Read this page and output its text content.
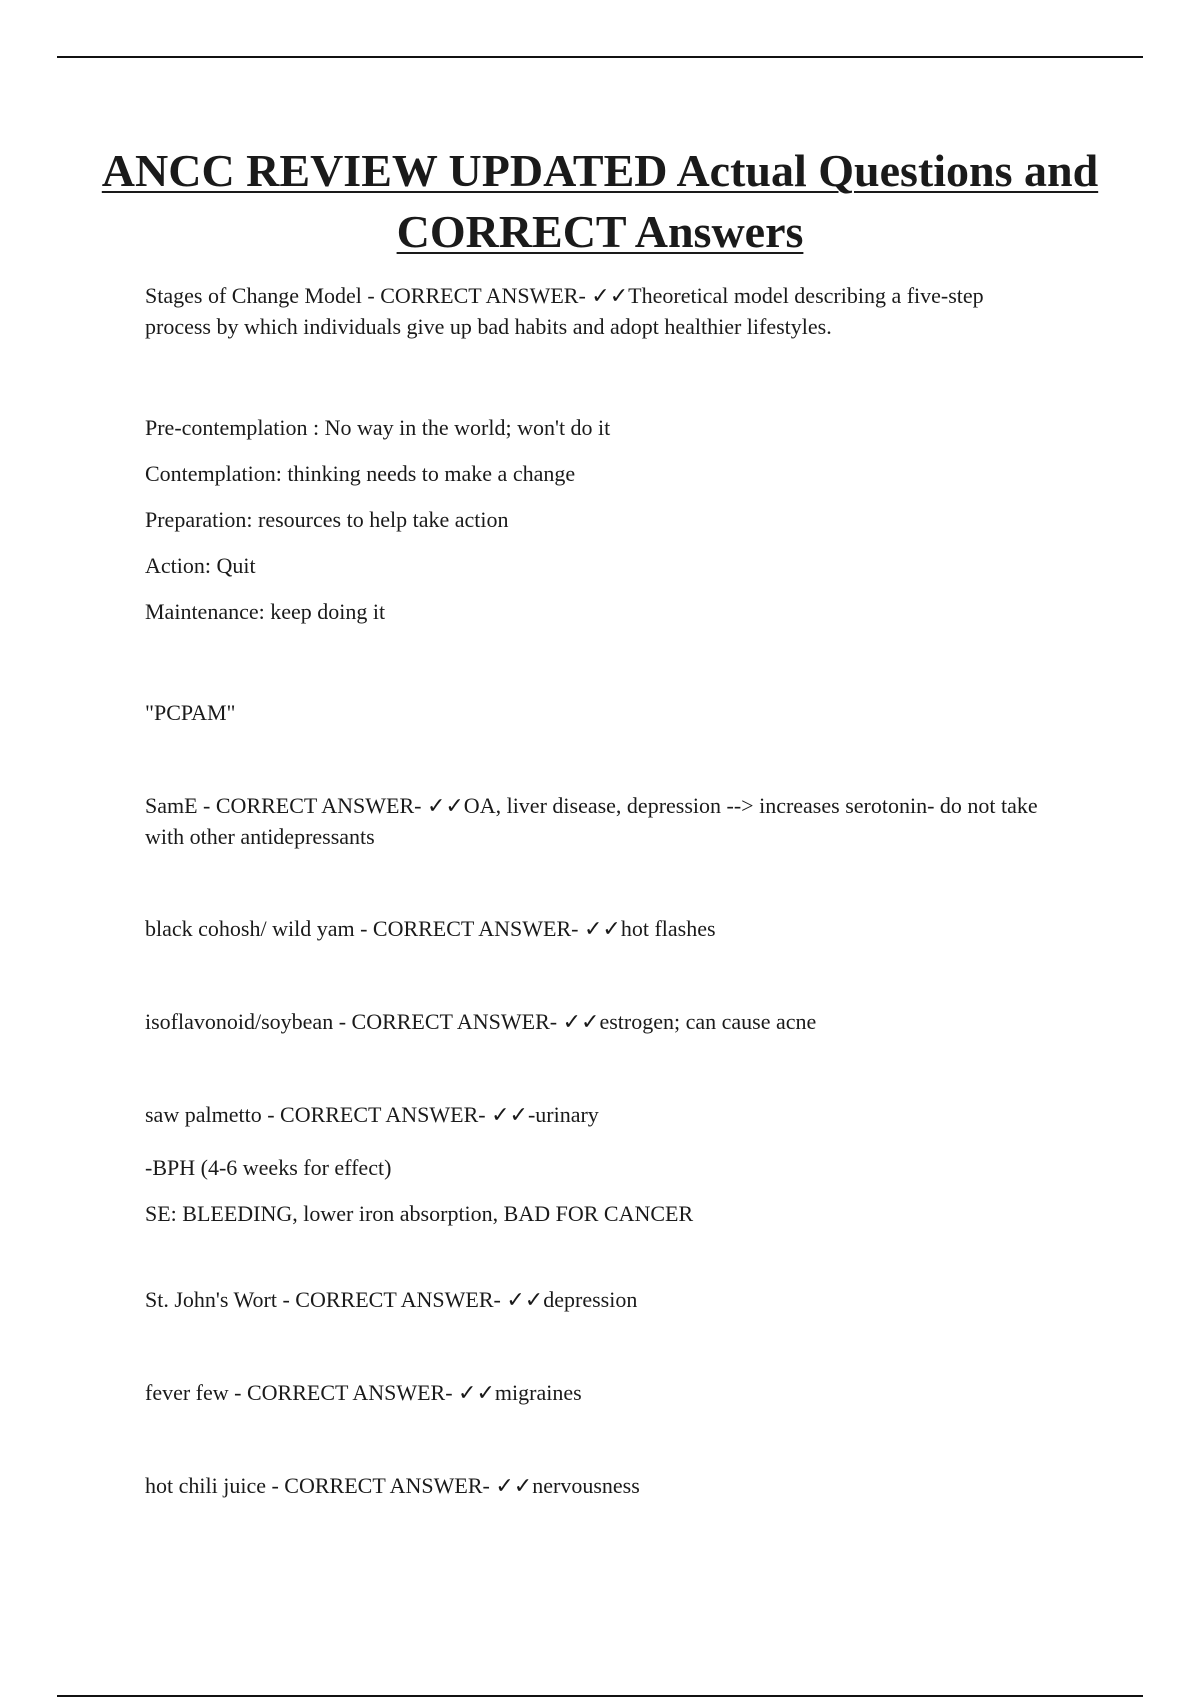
ANCC REVIEW UPDATED Actual Questions and CORRECT Answers

Stages of Change Model - CORRECT ANSWER- ✓✓Theoretical model describing a five-step process by which individuals give up bad habits and adopt healthier lifestyles.

Pre-contemplation : No way in the world; won't do it

Contemplation: thinking needs to make a change

Preparation: resources to help take action

Action: Quit

Maintenance: keep doing it

"PCPAM"

SamE - CORRECT ANSWER- ✓✓OA, liver disease, depression --> increases serotonin- do not take with other antidepressants

black cohosh/ wild yam - CORRECT ANSWER- ✓✓hot flashes

isoflavonoid/soybean - CORRECT ANSWER- ✓✓estrogen; can cause acne

saw palmetto - CORRECT ANSWER- ✓✓-urinary

-BPH (4-6 weeks for effect)

SE: BLEEDING, lower iron absorption, BAD FOR CANCER

St. John's Wort - CORRECT ANSWER- ✓✓depression

fever few - CORRECT ANSWER- ✓✓migraines

hot chili juice - CORRECT ANSWER- ✓✓nervousness
